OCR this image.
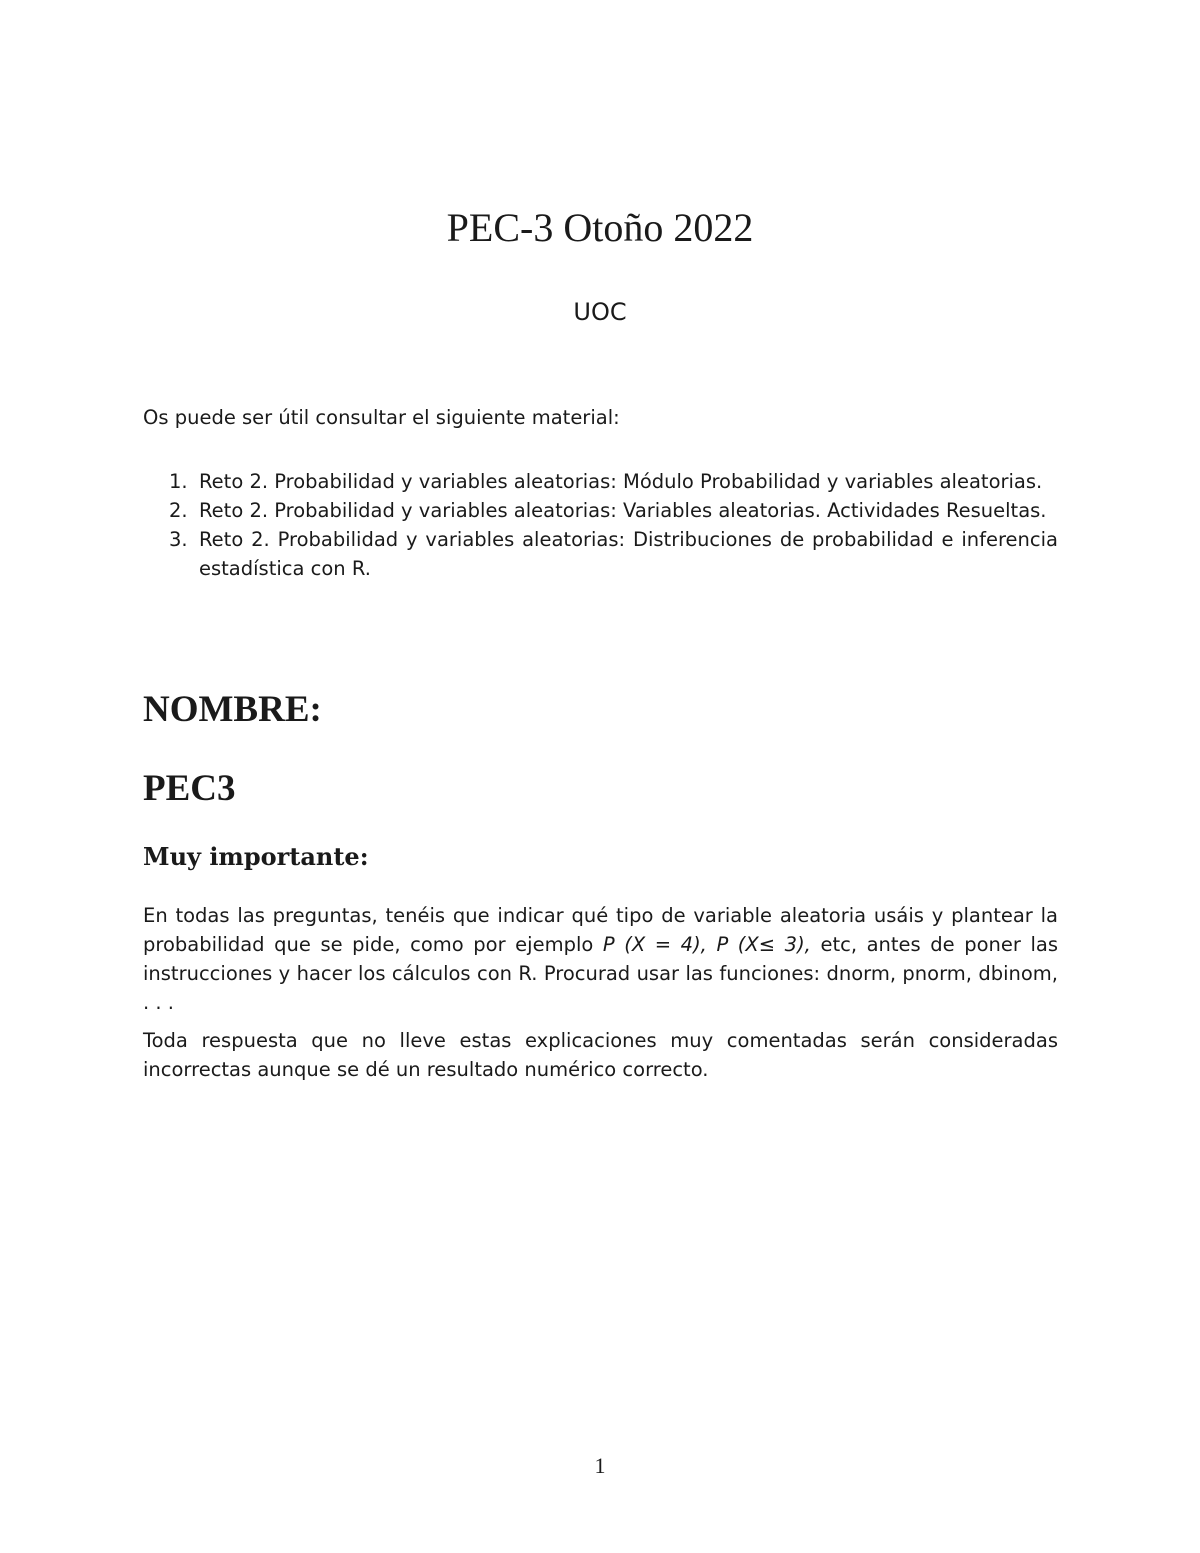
PEC-3 Otoño 2022
UOC

Os puede ser útil consultar el siguiente material:

1. Reto 2. Probabilidad y variables aleatorias: Módulo Probabilidad y variables aleatorias.
2. Reto 2. Probabilidad y variables aleatorias: Variables aleatorias. Actividades Resueltas.
3. Reto 2. Probabilidad y variables aleatorias: Distribuciones de probabilidad e inferencia estadística con R.
NOMBRE:
PEC3
Muy importante:

En todas las preguntas, tenéis que indicar qué tipo de variable aleatoria usáis y plantear la probabilidad que se pide, como por ejemplo P (X = 4), P (X≤ 3), etc, antes de poner las instrucciones y hacer los cálculos con R. Procurad usar las funciones: dnorm, pnorm, dbinom, . . .

Toda respuesta que no lleve estas explicaciones muy comentadas serán consideradas incorrectas aunque se dé un resultado numérico correcto.

1
